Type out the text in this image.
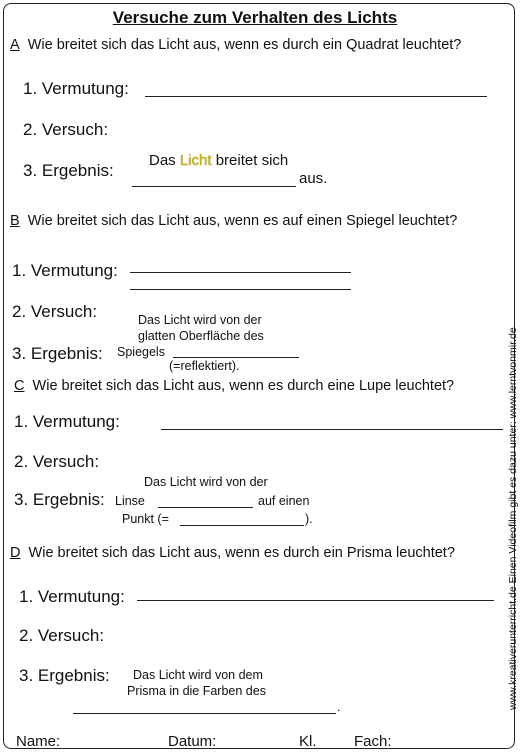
Versuche zum Verhalten des Lichts
A Wie breitet sich das Licht aus, wenn es durch ein Quadrat leuchtet?
1. Vermutung:
2. Versuch:
3. Ergebnis:
Das Licht breitet sich
aus.
B Wie breitet sich das Licht aus, wenn es auf einen Spiegel leuchtet?
1. Vermutung:
2. Versuch:	Das Licht wird von der
glatten Oberfläche des
3. Ergebnis: Spiegels
(=reflektiert).
C Wie breitet sich das Licht aus, wenn es durch eine Lupe leuchtet?
1. Vermutung:
2. Versuch:
Das Licht wird von der
3. Ergebnis: Linse	auf einen
Punkt (=	).
D Wie breitet sich das Licht aus, wenn es durch ein Prisma leuchtet?
1. Vermutung:
2. Versuch:
3. Ergebnis: Das Licht wird von dem
Prisma in die Farben des
.
Name:	Datum:	Kl. Fach:
www.kreativerunterricht.de Einen Videofilm gibt es dazu unter: www.lerntvonmir.de
